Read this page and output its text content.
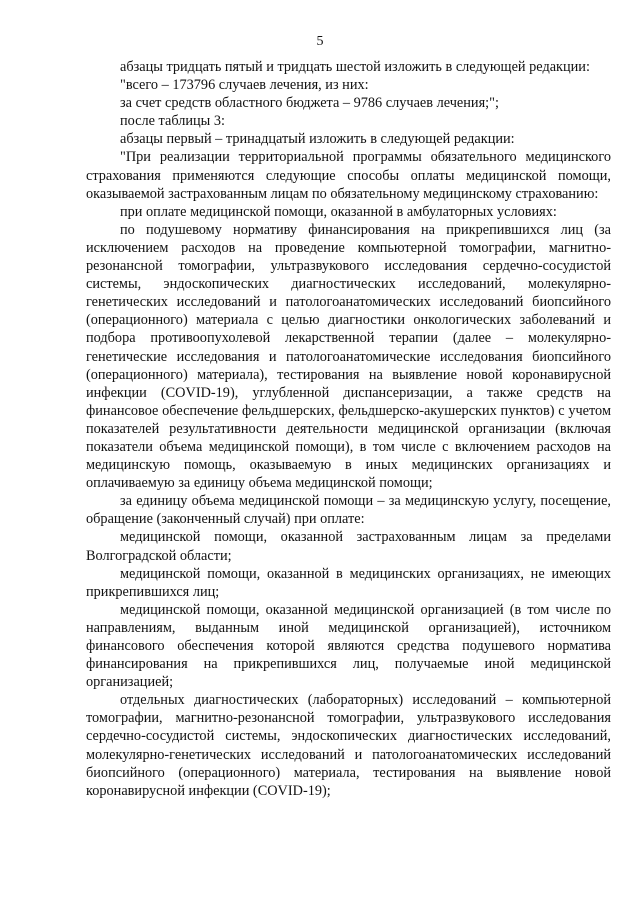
5

абзацы тридцать пятый и тридцать шестой изложить в следующей редакции:

"всего – 173796 случаев лечения, из них:

за счет средств областного бюджета – 9786 случаев лечения;";

после таблицы 3:

абзацы первый – тринадцатый изложить в следующей редакции:

"При реализации территориальной программы обязательного медицинского страхования применяются следующие способы оплаты медицинской помощи, оказываемой застрахованным лицам по обязательному медицинскому страхованию:

при оплате медицинской помощи, оказанной в амбулаторных условиях:

по подушевому нормативу финансирования на прикрепившихся лиц (за исключением расходов на проведение компьютерной томографии, магнитно-резонансной томографии, ультразвукового исследования сердечно-сосудистой системы, эндоскопических диагностических исследований, молекулярно-генетических исследований и патологоанатомических исследований биопсийного (операционного) материала с целью диагностики онкологических заболеваний и подбора противоопухолевой лекарственной терапии (далее – молекулярно-генетические исследования и патологоанатомические исследования биопсийного (операционного) материала), тестирования на выявление новой коронавирусной инфекции (COVID-19), углубленной диспансеризации, а также средств на финансовое обеспечение фельдшерских, фельдшерско-акушерских пунктов) с учетом показателей результативности деятельности медицинской организации (включая показатели объема медицинской помощи), в том числе с включением расходов на медицинскую помощь, оказываемую в иных медицинских организациях и оплачиваемую за единицу объема медицинской помощи;

за единицу объема медицинской помощи – за медицинскую услугу, посещение, обращение (законченный случай) при оплате:

медицинской помощи, оказанной застрахованным лицам за пределами Волгоградской области;

медицинской помощи, оказанной в медицинских организациях, не имеющих прикрепившихся лиц;

медицинской помощи, оказанной медицинской организацией (в том числе по направлениям, выданным иной медицинской организацией), источником финансового обеспечения которой являются средства подушевого норматива финансирования на прикрепившихся лиц, получаемые иной медицинской организацией;

отдельных диагностических (лабораторных) исследований – компьютерной томографии, магнитно-резонансной томографии, ультразвукового исследования сердечно-сосудистой системы, эндоскопических диагностических исследований, молекулярно-генетических исследований и патологоанатомических исследований биопсийного (операционного) материала, тестирования на выявление новой коронавирусной инфекции (COVID-19);
